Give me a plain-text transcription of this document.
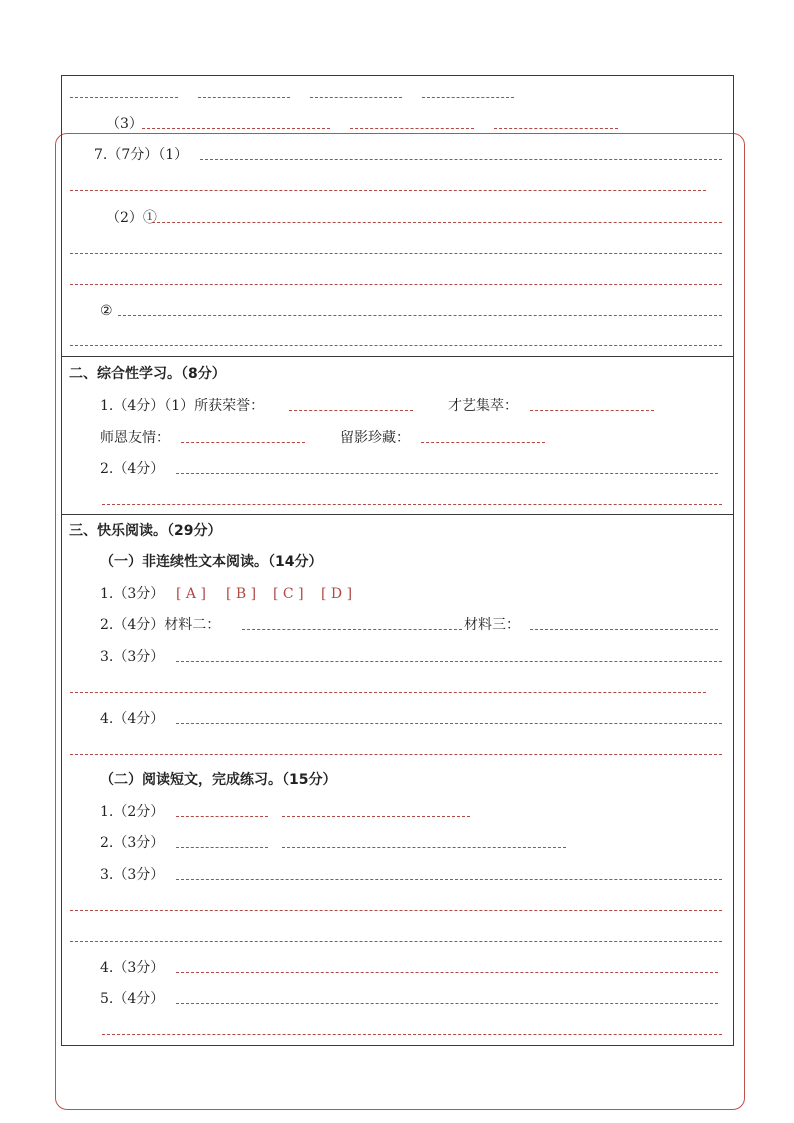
（3）
7.（7分）（1）
（2）①
②
二、综合性学习。（8分）
1.（4分）（1）所获荣誉：	才艺集萃：
师恩友情：	留影珍藏：
2.（4分）
三、快乐阅读。（29分）
（一）非连续性文本阅读。（14分）
1.（3分） [ A ] [ B ] [ C ] [ D ]
2.（4分）材料二：	材料三：
3.（3分）
4.（4分）
（二）阅读短文，完成练习。（15分）
1.（2分）
2.（3分）
3.（3分）
4.（3分）
5.（4分）
